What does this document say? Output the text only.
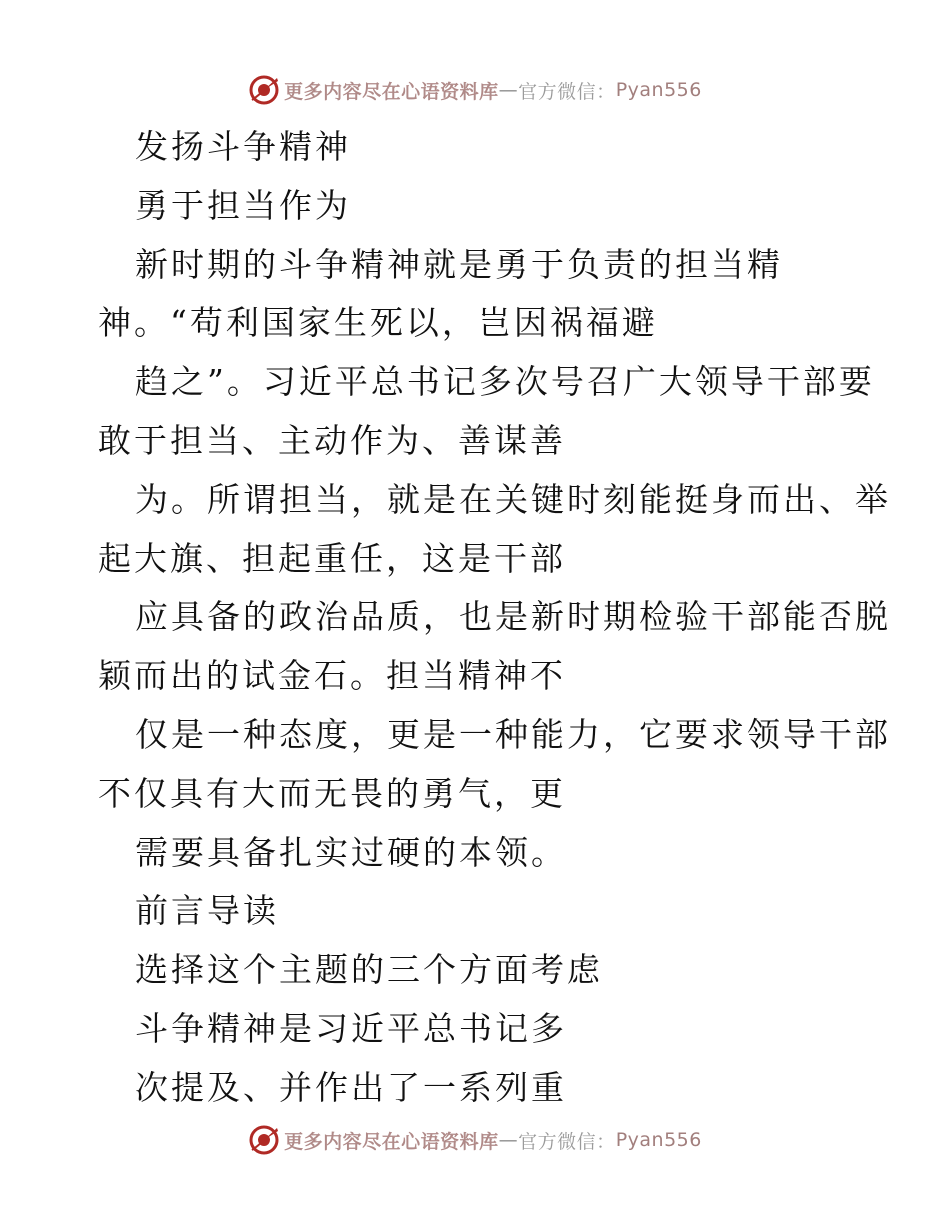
更多内容尽在心语资料库 — 官方微信： Pyan556
发扬斗争精神
勇于担当作为
新时期的斗争精神就是勇于负责的担当精
神。“苟利国家生死以，岂因祸福避
趋之”。习近平总书记多次号召广大领导干部要
敢于担当、主动作为、善谋善
为。所谓担当，就是在关键时刻能挺身而出、举
起大旗、担起重任，这是干部
应具备的政治品质，也是新时期检验干部能否脱
颖而出的试金石。担当精神不
仅是一种态度，更是一种能力，它要求领导干部
不仅具有大而无畏的勇气，更
需要具备扎实过硬的本领。
前言导读
选择这个主题的三个方面考虑
斗争精神是习近平总书记多
次提及、并作出了一系列重
更多内容尽在心语资料库 — 官方微信： Pyan556
